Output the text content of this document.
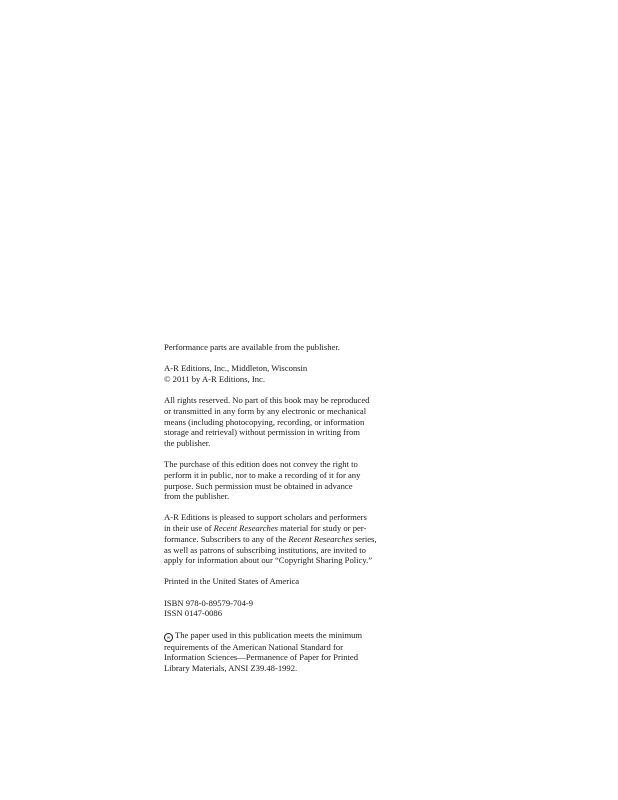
Performance parts are available from the publisher.

A-R Editions, Inc., Middleton, Wisconsin
© 2011 by A-R Editions, Inc.

All rights reserved. No part of this book may be reproduced
or transmitted in any form by any electronic or mechanical
means (including photocopying, recording, or information
storage and retrieval) without permission in writing from
the publisher.

The purchase of this edition does not convey the right to
perform it in public, nor to make a recording of it for any
purpose. Such permission must be obtained in advance
from the publisher.

A-R Editions is pleased to support scholars and performers
in their use of Recent Researches material for study or per-
formance. Subscribers to any of the Recent Researches series,
as well as patrons of subscribing institutions, are invited to
apply for information about our “Copyright Sharing Policy.”

Printed in the United States of America

ISBN 978-0-89579-704-9
ISSN 0147-0086

∞ The paper used in this publication meets the minimum
requirements of the American National Standard for
Information Sciences—Permanence of Paper for Printed
Library Materials, ANSI Z39.48-1992.
